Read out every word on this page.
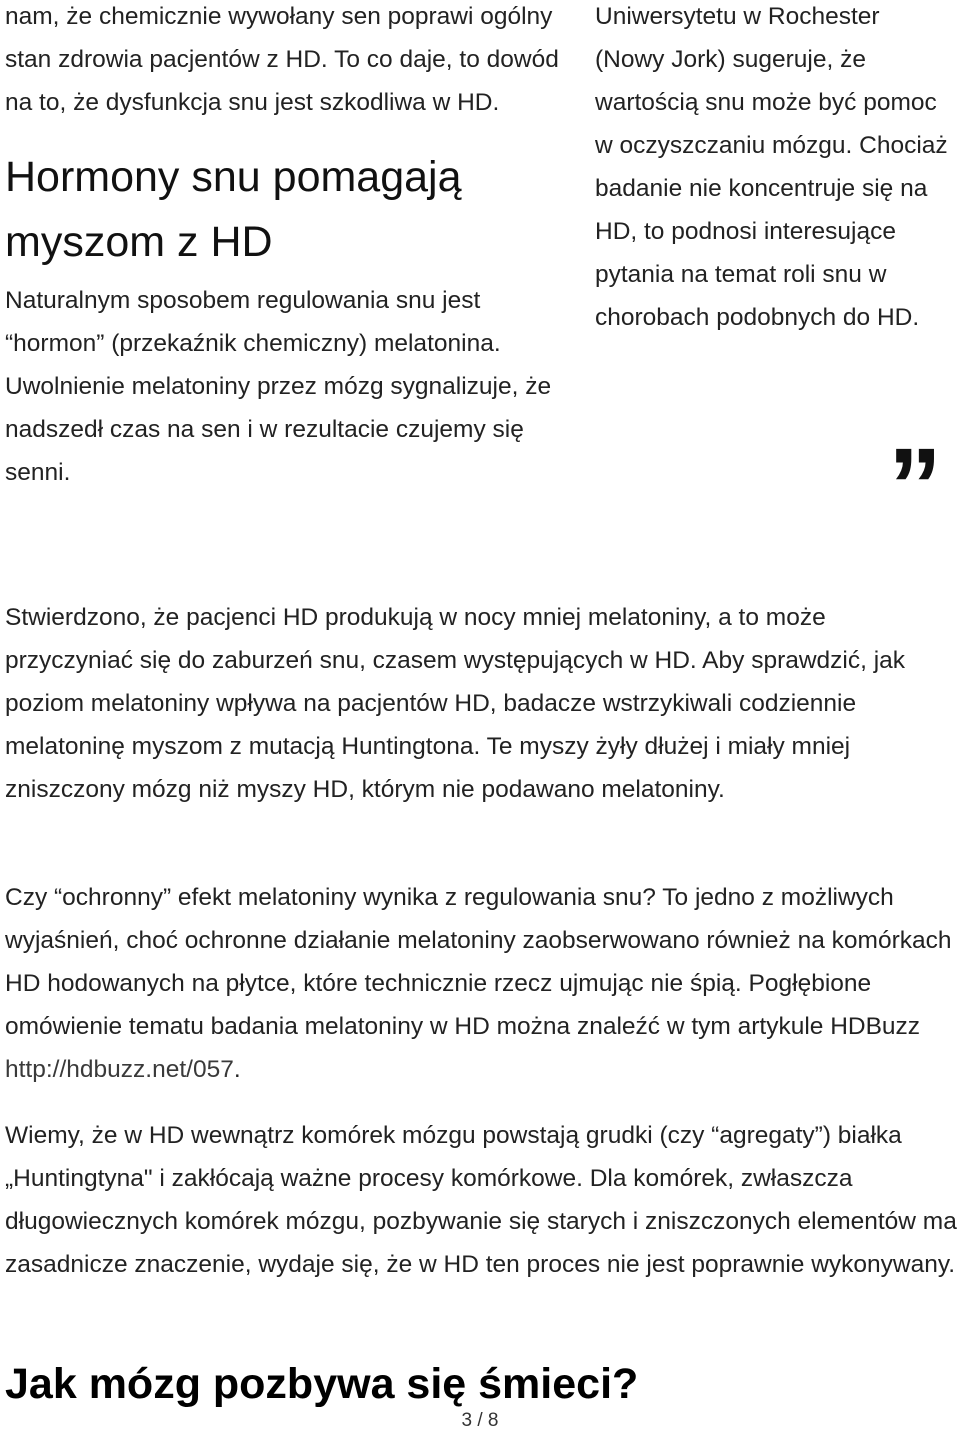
nam, że chemicznie wywołany sen poprawi ogólny stan zdrowia pacjentów z HD. To co daje, to dowód na to, że dysfunkcja snu jest szkodliwa w HD.

Hormony snu pomagają myszom z HD

Naturalnym sposobem regulowania snu jest “hormon” (przekaźnik chemiczny) melatonina. Uwolnienie melatoniny przez mózg sygnalizuje, że nadszedł czas na sen i w rezultacie czujemy się senni.

Uniwersytetu w Rochester (Nowy Jork) sugeruje, że wartością snu może być pomoc w oczyszczaniu mózgu. Chociaż badanie nie koncentruje się na HD, to podnosi interesujące pytania na temat roli snu w chorobach podobnych do HD.

”

Stwierdzono, że pacjenci HD produkują w nocy mniej melatoniny, a to może przyczyniać się do zaburzeń snu, czasem występujących w HD. Aby sprawdzić, jak poziom melatoniny wpływa na pacjentów HD, badacze wstrzykiwali codziennie melatoninę myszom z mutacją Huntingtona. Te myszy żyły dłużej i miały mniej zniszczony mózg niż myszy HD, którym nie podawano melatoniny.

Czy “ochronny” efekt melatoniny wynika z regulowania snu? To jedno z możliwych wyjaśnień, choć ochronne działanie melatoniny zaobserwowano również na komórkach HD hodowanych na płytce, które technicznie rzecz ujmując nie śpią. Pogłębione omówienie tematu badania melatoniny w HD można znaleźć w tym artykule HDBuzz http://hdbuzz.net/057.

Wiemy, że w HD wewnątrz komórek mózgu powstają grudki (czy “agregaty”) białka „Huntingtyna" i zakłócają ważne procesy komórkowe. Dla komórek, zwłaszcza długowiecznych komórek mózgu, pozbywanie się starych i zniszczonych elementów ma zasadnicze znaczenie, wydaje się, że w HD ten proces nie jest poprawnie wykonywany.

Jak mózg pozbywa się śmieci?
3 / 8
